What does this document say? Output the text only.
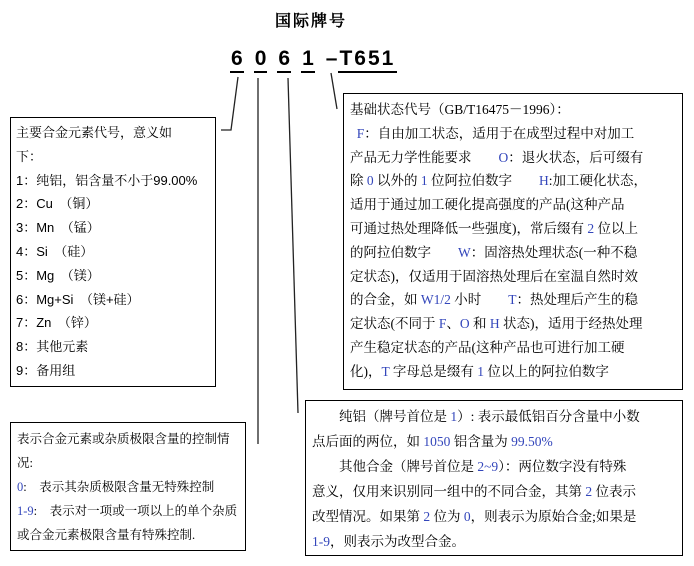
国际牌号
6 0 6 1 –T651
主要合金元素代号，意义如
下：
1：纯铝，铝含量不小于99.00%
2：Cu　（铜）
3：Mn　（锰）
4：Si　（硅）
5：Mg　（镁）
6：Mg+Si　（镁+硅）
7：Zn　（锌）
8：其他元素
9：备用组
基础状态代号（GB/T16475－1996）：
F：自由加工状态，适用于在成型过程中对加工
产品无力学性能要求　　O：退火状态，后可缀有
除 0 以外的 1 位阿拉伯数字　　H:加工硬化状态，
适用于通过加工硬化提高强度的产品(这种产品
可通过热处理降低一些强度)，常后缀有 2 位以上
的阿拉伯数字　　W：固溶热处理状态(一种不稳
定状态)，仅适用于固溶热处理后在室温自然时效
的合金，如 W1/2 小时　　T：热处理后产生的稳
定状态(不同于 F、O 和 H 状态)，适用于经热处理
产生稳定状态的产品(这种产品也可进行加工硬
化)，T 字母总是缀有 1 位以上的阿拉伯数字
表示合金元素或杂质极限含量的控制情
况:
0:　表示其杂质极限含量无特殊控制
1-9:　表示对一项或一项以上的单个杂质
或合金元素极限含量有特殊控制.
　　纯铝（牌号首位是 1）: 表示最低铝百分含量中小数
点后面的两位，如 1050 铝含量为 99.50%
　　其他合金（牌号首位是 2~9）：两位数字没有特殊
意义，仅用来识别同一组中的不同合金，其第 2 位表示
改型情况。如果第 2 位为 0，则表示为原始合金;如果是
1-9，则表示为改型合金。
